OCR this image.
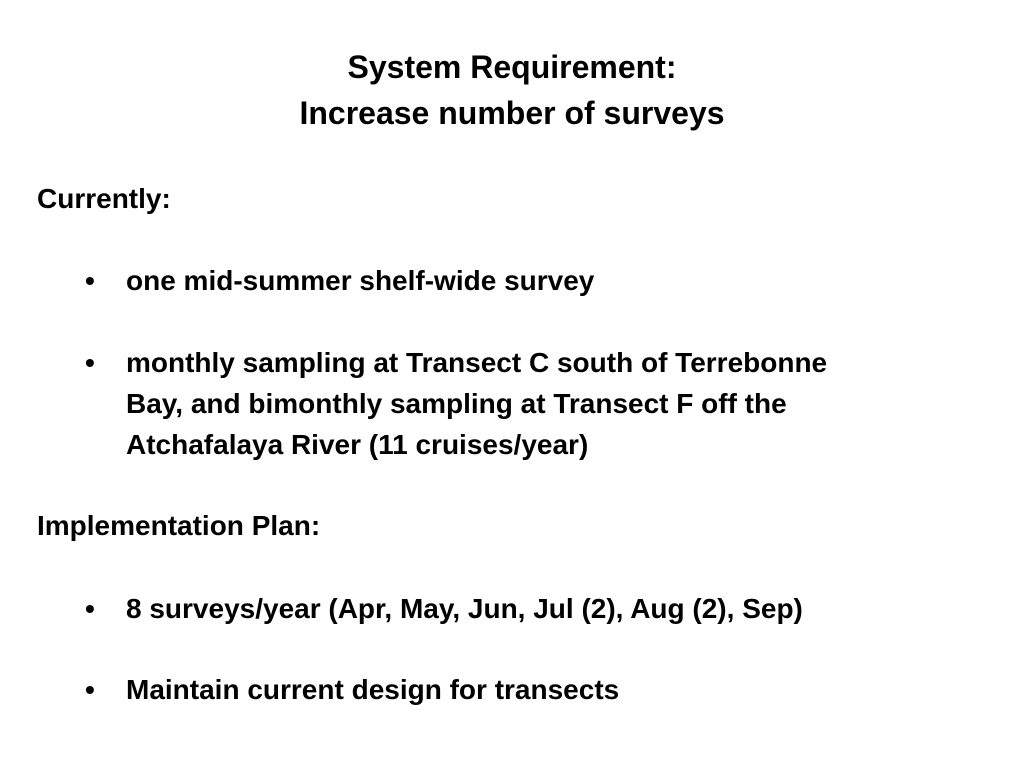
System Requirement:
Increase number of surveys
Currently:
•	one mid-summer shelf-wide survey
•	monthly sampling at Transect C south of Terrebonne
Bay, and bimonthly sampling at Transect F off the
Atchafalaya River (11 cruises/year)
Implementation Plan:
•	8 surveys/year (Apr, May, Jun, Jul (2), Aug (2), Sep)
•	Maintain current design for transects
